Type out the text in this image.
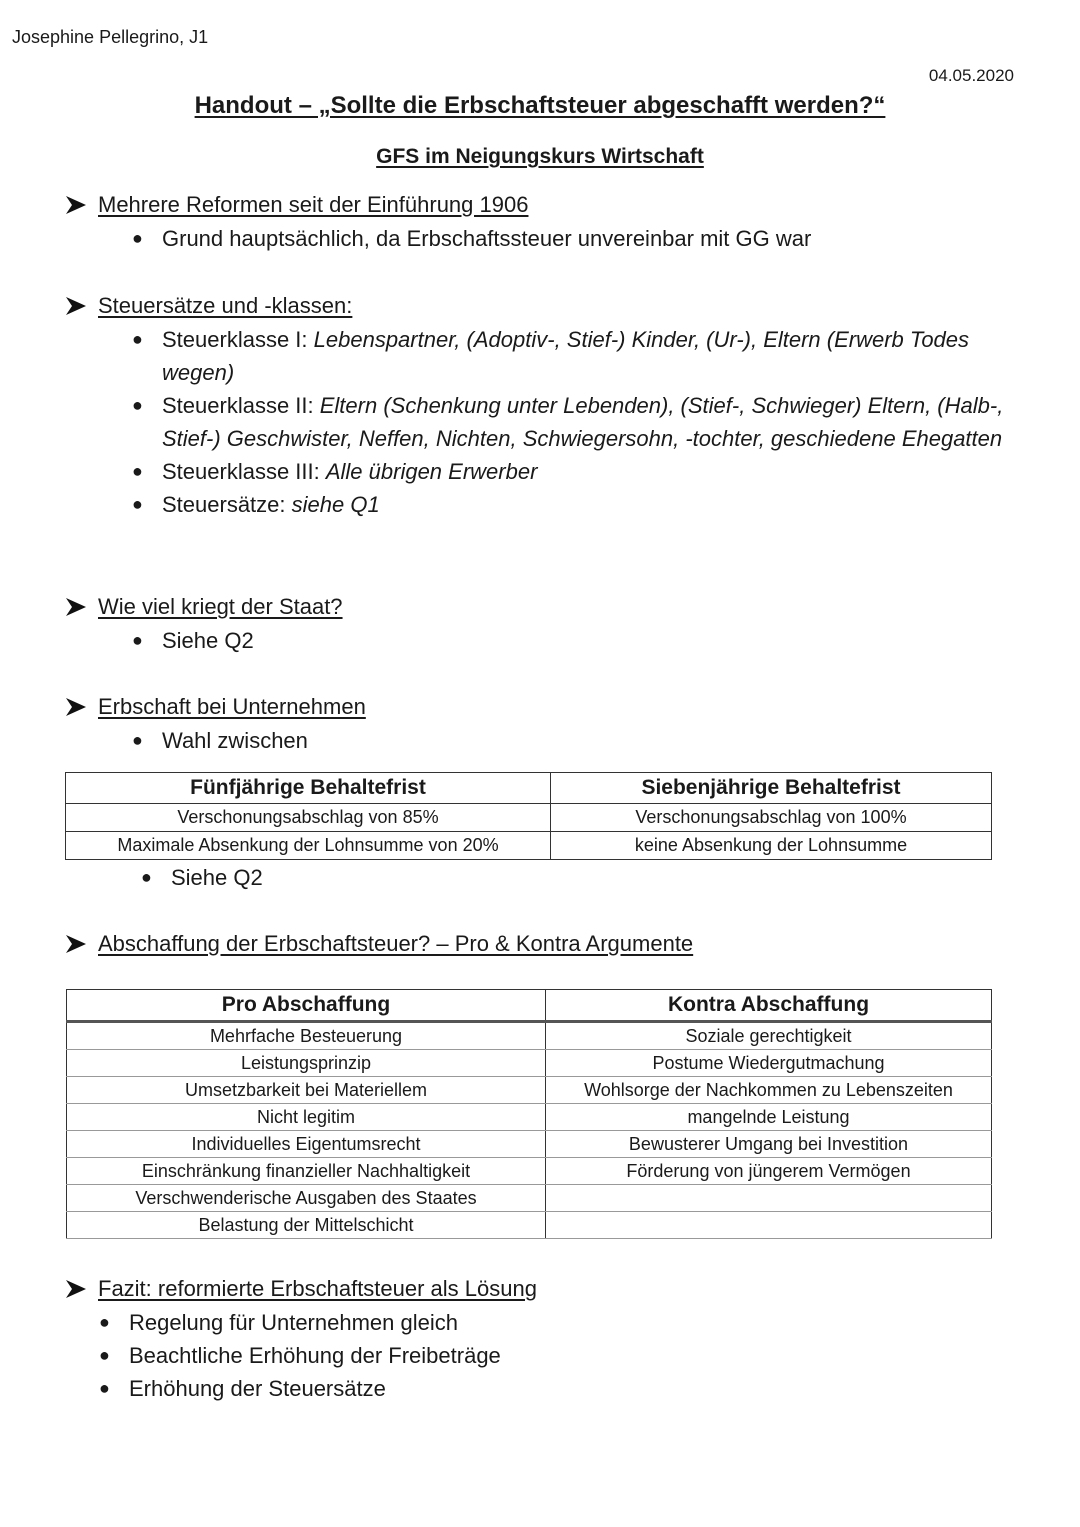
Josephine Pellegrino, J1
04.05.2020
Handout – „Sollte die Erbschaftsteuer abgeschafft werden?“
GFS im Neigungskurs Wirtschaft
Mehrere Reformen seit der Einführung 1906
● Grund hauptsächlich, da Erbschaftssteuer unvereinbar mit GG war
Steuersätze und -klassen:
● Steuerklasse I: Lebenspartner, (Adoptiv-, Stief-) Kinder, (Ur-), Eltern (Erwerb Todes wegen)
● Steuerklasse II: Eltern (Schenkung unter Lebenden), (Stief-, Schwieger) Eltern, (Halb-, Stief-) Geschwister, Neffen, Nichten, Schwiegersohn, -tochter, geschiedene Ehegatten
● Steuerklasse III: Alle übrigen Erwerber
● Steuersätze: siehe Q1
Wie viel kriegt der Staat?
● Siehe Q2
Erbschaft bei Unternehmen
● Wahl zwischen
Fünfjährige Behaltefrist	Siebenjährige Behaltefrist
Verschonungsabschlag von 85%	Verschonungsabschlag von 100%
Maximale Absenkung der Lohnsumme von 20%	keine Absenkung der Lohnsumme
● Siehe Q2
Abschaffung der Erbschaftsteuer? – Pro & Kontra Argumente
Pro Abschaffung	Kontra Abschaffung
Mehrfache Besteuerung	Soziale gerechtigkeit
Leistungsprinzip	Postume Wiedergutmachung
Umsetzbarkeit bei Materiellem	Wohlsorge der Nachkommen zu Lebenszeiten
Nicht legitim	mangelnde Leistung
Individuelles Eigentumsrecht	Bewusterer Umgang bei Investition
Einschränkung finanzieller Nachhaltigkeit	Förderung von jüngerem Vermögen
Verschwenderische Ausgaben des Staates	
Belastung der Mittelschicht	
Fazit: reformierte Erbschaftsteuer als Lösung
● Regelung für Unternehmen gleich
● Beachtliche Erhöhung der Freibeträge
● Erhöhung der Steuersätze
